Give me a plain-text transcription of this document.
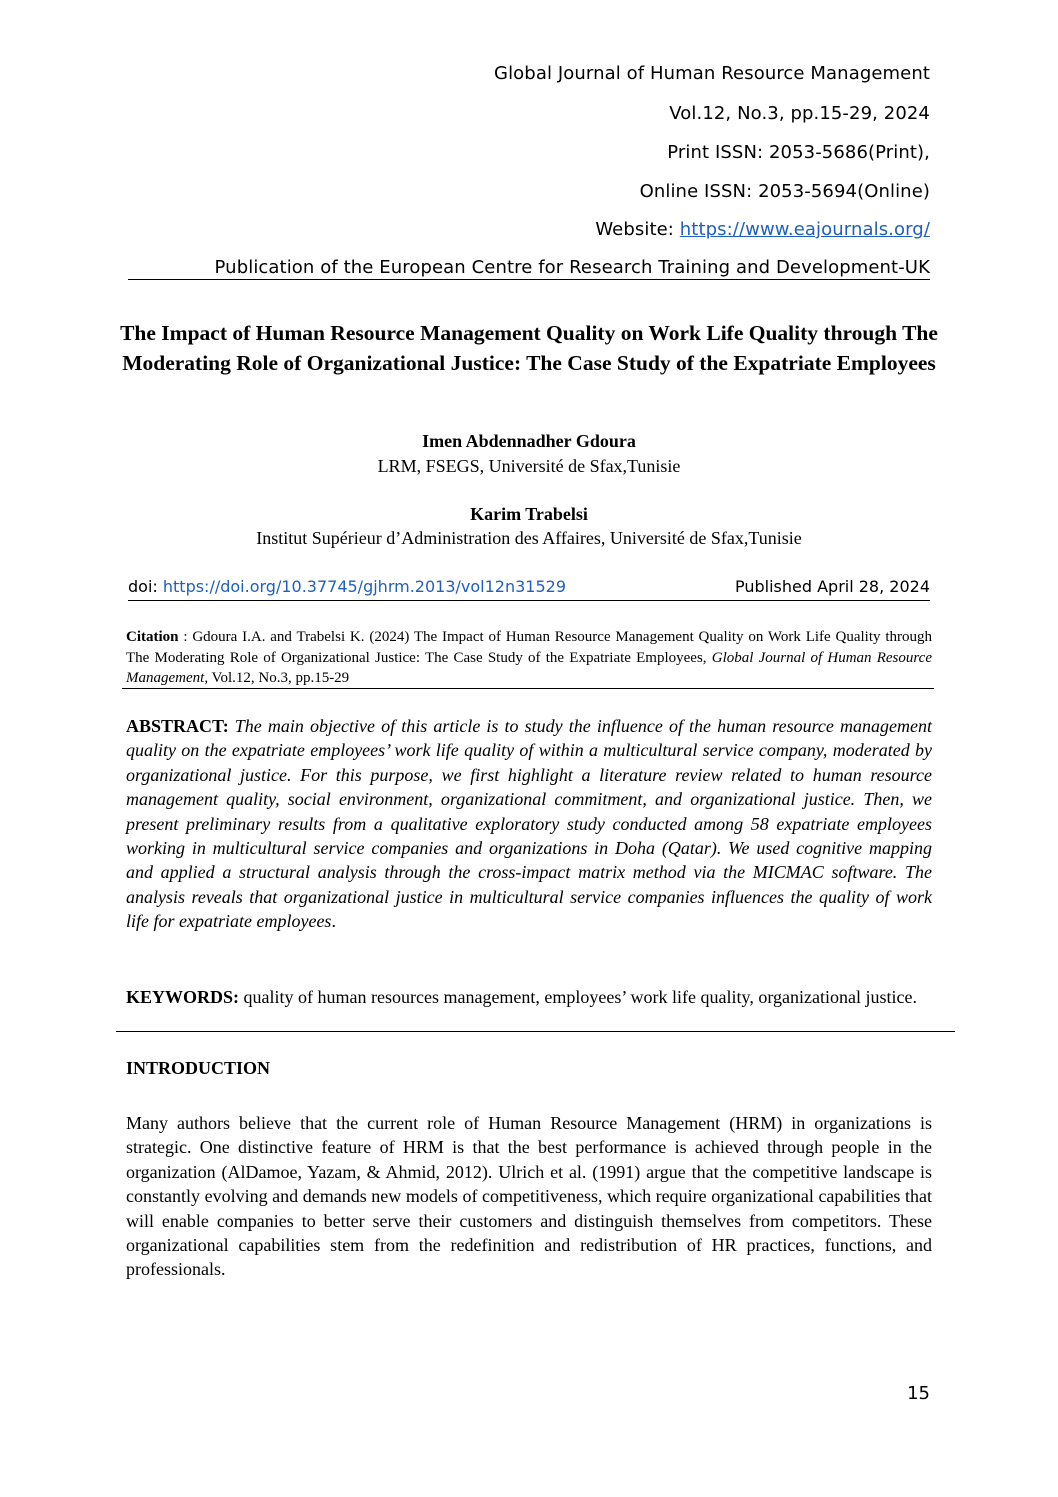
Global Journal of Human Resource Management
Vol.12, No.3, pp.15-29, 2024
Print ISSN: 2053-5686(Print),
Online ISSN: 2053-5694(Online)
Website: https://www.eajournals.org/
Publication of the European Centre for Research Training and Development-UK
The Impact of Human Resource Management Quality on Work Life Quality through The Moderating Role of Organizational Justice: The Case Study of the Expatriate Employees
Imen Abdennadher Gdoura
LRM, FSEGS, Université de Sfax,Tunisie
Karim Trabelsi
Institut Supérieur d’Administration des Affaires, Université de Sfax,Tunisie
doi: https://doi.org/10.37745/gjhrm.2013/vol12n31529	Published April 28, 2024
Citation : Gdoura I.A. and Trabelsi K. (2024) The Impact of Human Resource Management Quality on Work Life Quality through The Moderating Role of Organizational Justice: The Case Study of the Expatriate Employees, Global Journal of Human Resource Management, Vol.12, No.3, pp.15-29
ABSTRACT: The main objective of this article is to study the influence of the human resource management quality on the expatriate employees’ work life quality of within a multicultural service company, moderated by organizational justice. For this purpose, we first highlight a literature review related to human resource management quality, social environment, organizational commitment, and organizational justice. Then, we present preliminary results from a qualitative exploratory study conducted among 58 expatriate employees working in multicultural service companies and organizations in Doha (Qatar). We used cognitive mapping and applied a structural analysis through the cross-impact matrix method via the MICMAC software. The analysis reveals that organizational justice in multicultural service companies influences the quality of work life for expatriate employees.
KEYWORDS: quality of human resources management, employees’ work life quality, organizational justice.
INTRODUCTION
Many authors believe that the current role of Human Resource Management (HRM) in organizations is strategic. One distinctive feature of HRM is that the best performance is achieved through people in the organization (AlDamoe, Yazam, & Ahmid, 2012). Ulrich et al. (1991) argue that the competitive landscape is constantly evolving and demands new models of competitiveness, which require organizational capabilities that will enable companies to better serve their customers and distinguish themselves from competitors. These organizational capabilities stem from the redefinition and redistribution of HR practices, functions, and professionals.
15
